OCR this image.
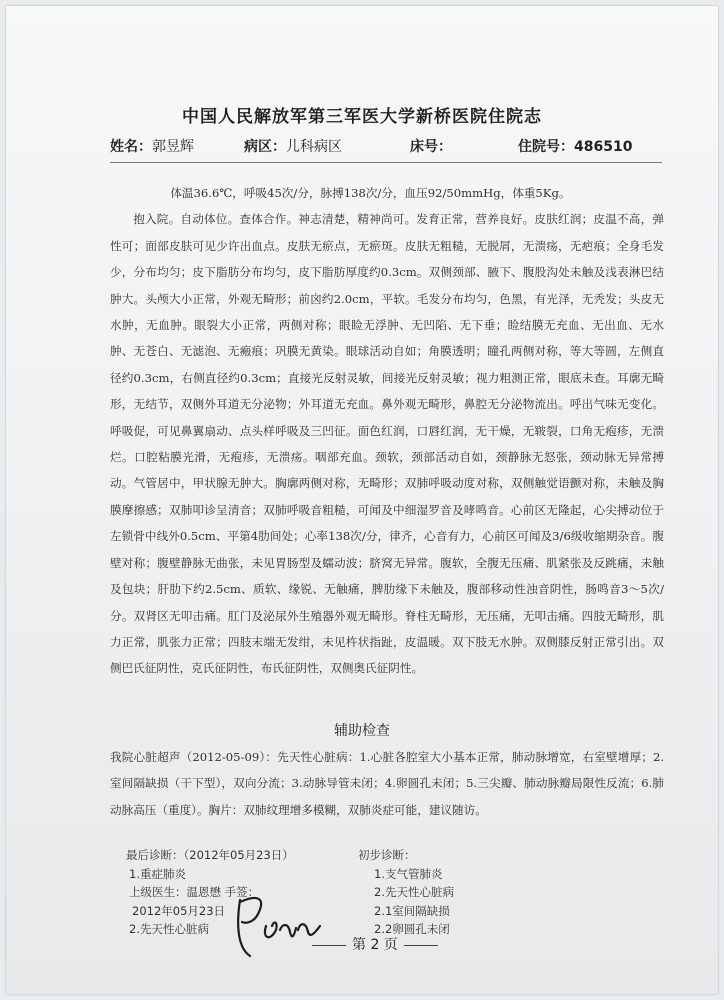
中国人民解放军第三军医大学新桥医院住院志
姓名：郭昱辉	病区：儿科病区	床号：	住院号：486510

体温36.6℃，呼吸45次/分，脉搏138次/分，血压92/50mmHg，体重5Kg。

抱入院。自动体位。查体合作。神志清楚，精神尚可。发育正常，营养良好。皮肤红润；皮温不高，弹性可；面部皮肤可见少许出血点。皮肤无瘀点，无瘀斑。皮肤无粗糙，无脱屑，无溃疡，无疤痕；全身毛发少，分布均匀；皮下脂肪分布均匀，皮下脂肪厚度约0.3cm。双侧颈部、腋下、腹股沟处未触及浅表淋巴结肿大。头颅大小正常，外观无畸形；前囟约2.0cm，平软。毛发分布均匀，色黑，有光泽，无秃发；头皮无水肿，无血肿。眼裂大小正常，两侧对称；眼睑无浮肿、无凹陷、无下垂；睑结膜无充血、无出血、无水肿、无苍白、无滤泡、无瘢痕；巩膜无黄染。眼球活动自如；角膜透明；瞳孔两侧对称，等大等圆，左侧直径约0.3cm，右侧直径约0.3cm；直接光反射灵敏，间接光反射灵敏；视力粗测正常，眼底未查。耳廓无畸形，无结节，双侧外耳道无分泌物；外耳道无充血。鼻外观无畸形，鼻腔无分泌物流出。呼出气味无变化。呼吸促，可见鼻翼扇动、点头样呼吸及三凹征。面色红润，口唇红润，无干燥，无皲裂，口角无疱疹，无溃烂。口腔粘膜光滑，无疱疹，无溃疡。咽部充血。颈软，颈部活动自如，颈静脉无怒张，颈动脉无异常搏动。气管居中，甲状腺无肿大。胸廓两侧对称，无畸形；双肺呼吸动度对称，双侧触觉语颤对称，未触及胸膜摩擦感；双肺叩诊呈清音；双肺呼吸音粗糙，可闻及中细湿罗音及哮鸣音。心前区无隆起，心尖搏动位于左锁骨中线外0.5cm、平第4肋间处；心率138次/分，律齐，心音有力，心前区可闻及3/6级收缩期杂音。腹壁对称；腹壁静脉无曲张，未见胃肠型及蠕动波；脐窝无异常。腹软，全腹无压痛、肌紧张及反跳痛，未触及包块；肝肋下约2.5cm、质软、缘锐、无触痛，脾肋缘下未触及，腹部移动性浊音阴性，肠鸣音3～5次/分。双肾区无叩击痛。肛门及泌尿外生殖器外观无畸形。脊柱无畸形，无压痛，无叩击痛。四肢无畸形，肌力正常，肌张力正常；四肢末端无发绀，未见杵状指趾，皮温暖。双下肢无水肿。双侧膝反射正常引出。双侧巴氏征阴性，克氏征阴性，布氏征阴性，双侧奥氏征阴性。

辅助检查

我院心脏超声（2012-05-09）：先天性心脏病：1.心脏各腔室大小基本正常，肺动脉增宽，右室壁增厚；2.室间隔缺损（干下型），双向分流；3.动脉导管未闭；4.卵圆孔未闭；5.三尖瓣、肺动脉瓣局限性反流；6.肺动脉高压（重度）。胸片：双肺纹理增多模糊，双肺炎症可能，建议随访。

最后诊断：（2012年05月23日）
1.重症肺炎
上级医生：温恩懋 手签：
2012年05月23日
2.先天性心脏病
初步诊断：
1.支气管肺炎
2.先天性心脏病
2.1室间隔缺损
2.2卵圆孔未闭
第 2 页
